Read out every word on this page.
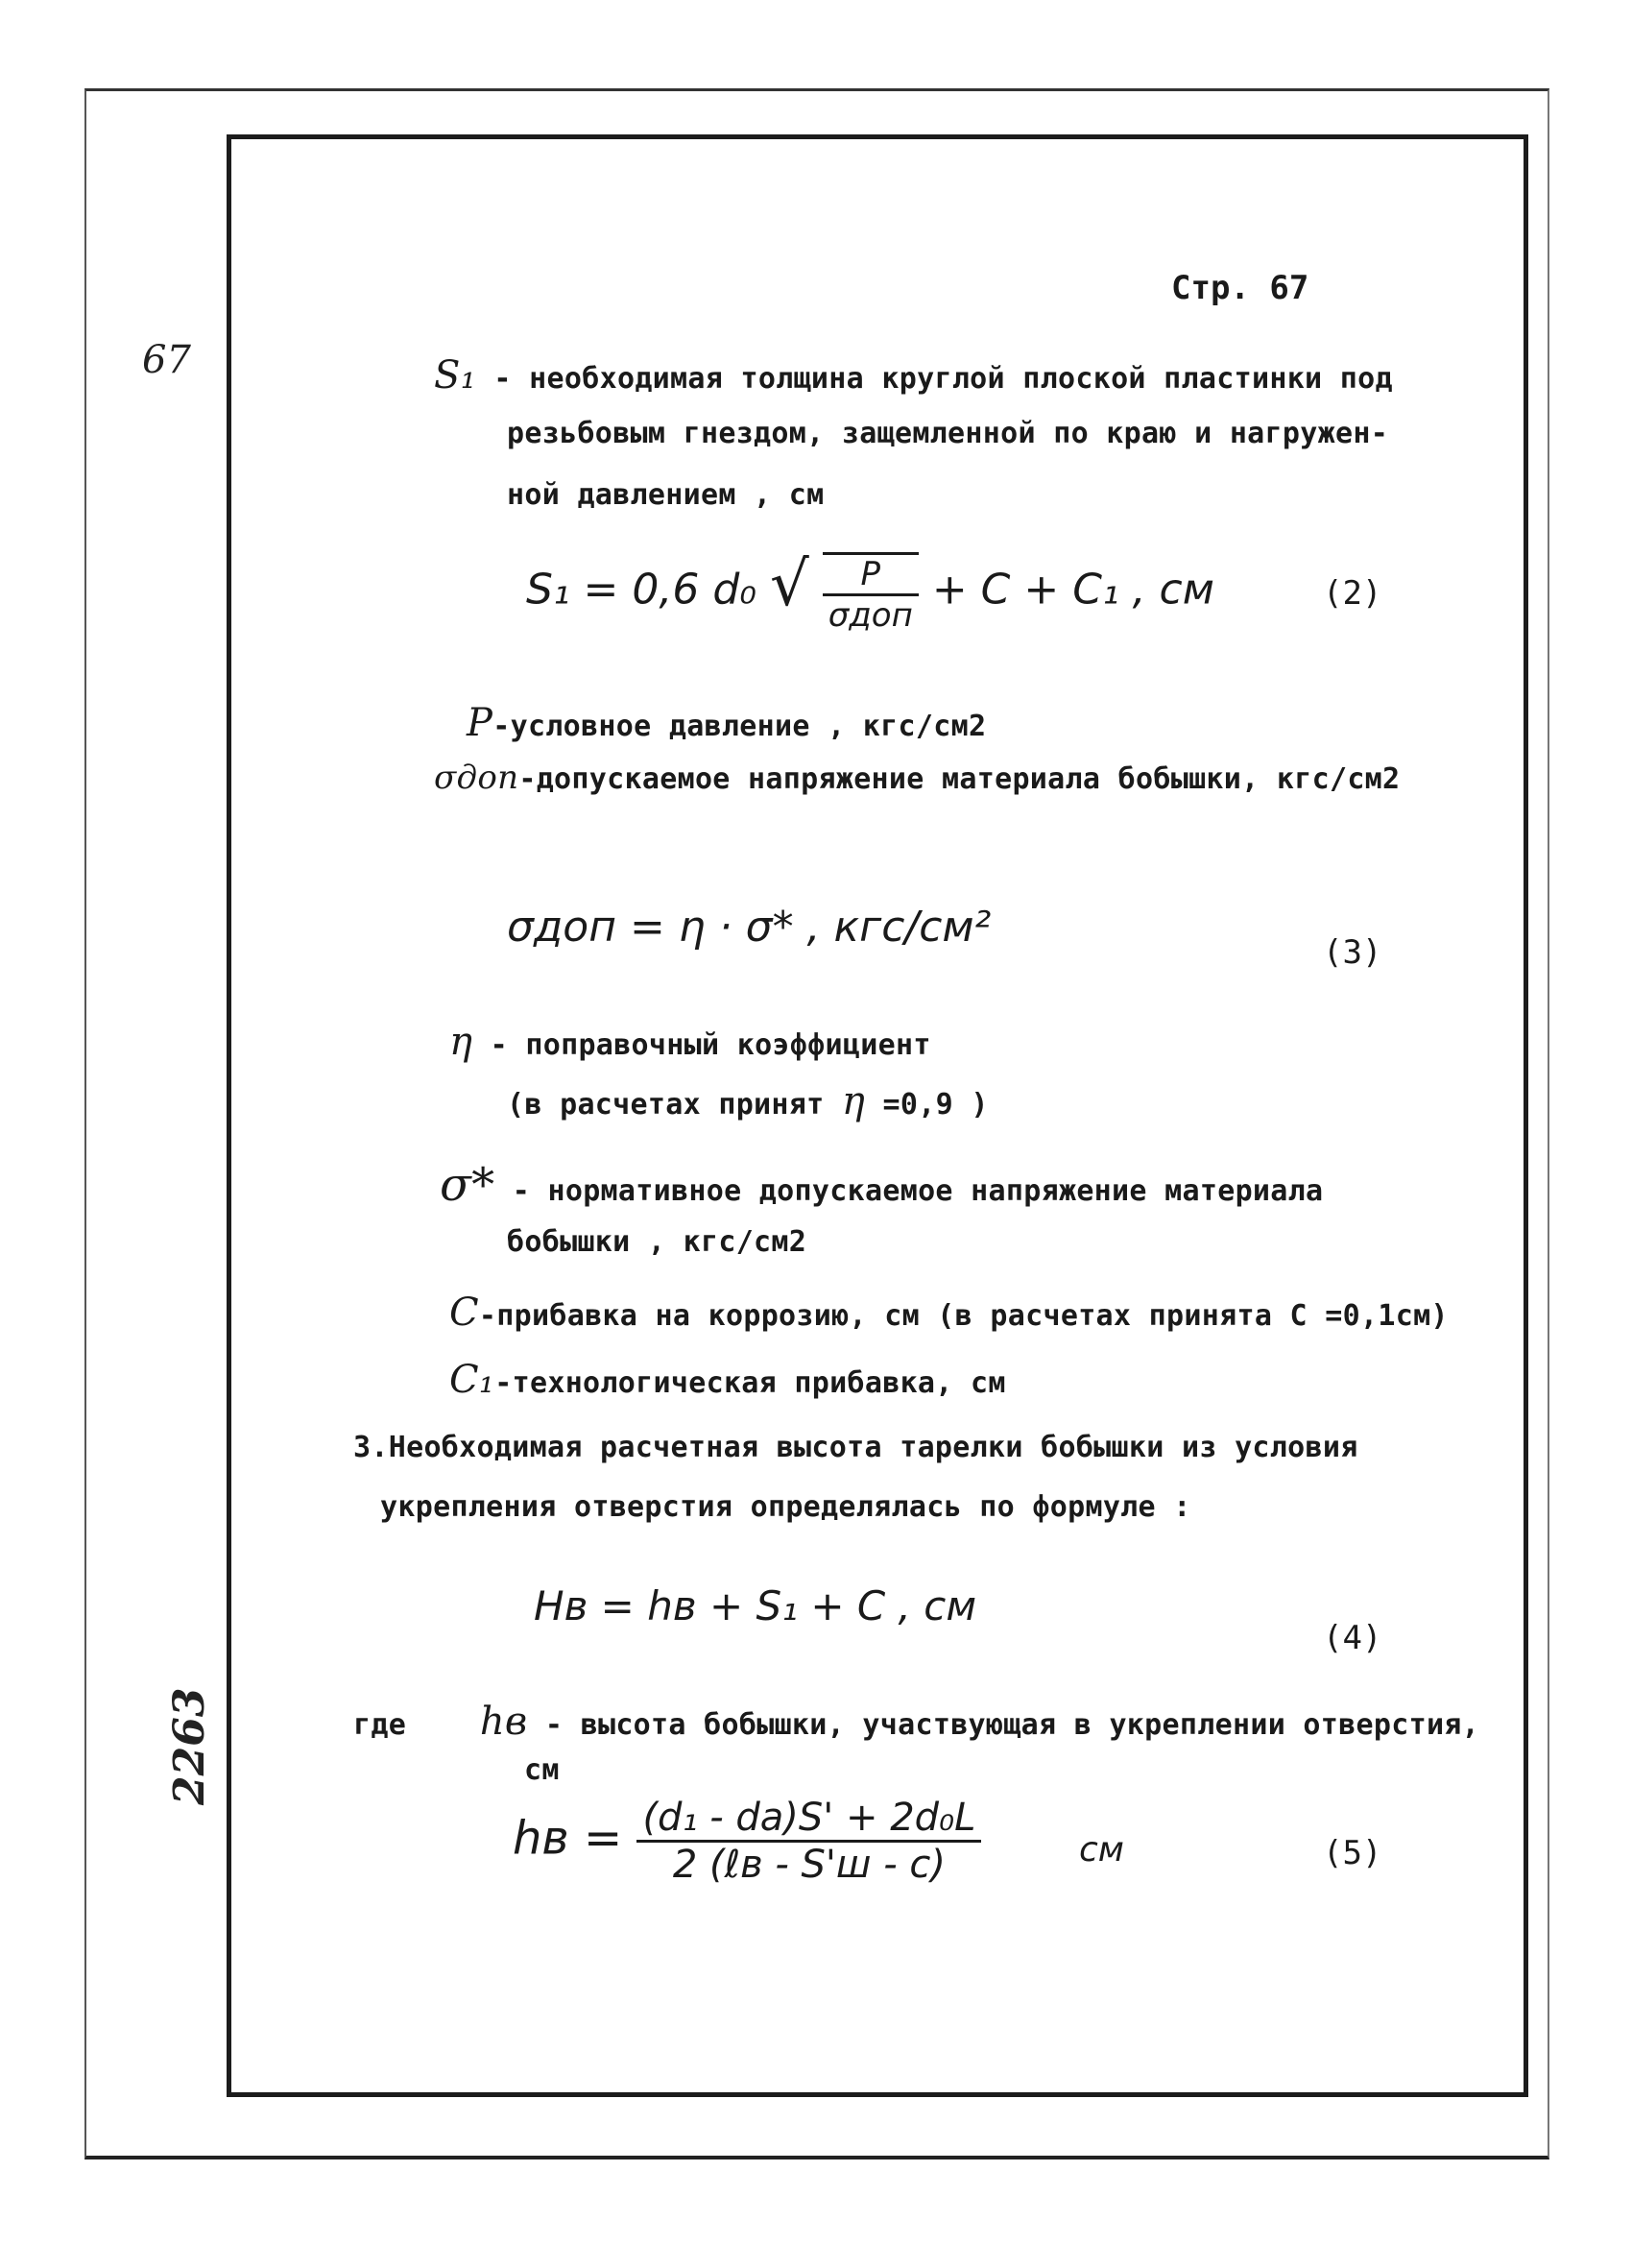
67
2263
Стр. 67
S₁ - необходимая толщина круглой плоской пластинки под
резьбовым гнездом, защемленной по краю и нагружен-
ной давлением , см
S₁ = 0,6 d₀ √ $\frac{P}{\text{σдоп}} + C + C_1$ , см	(2)
P-условное давление , кгс/см2
σдоп-допускаемое напряжение материала бобышки, кгс/см2
σдоп = η · σ* , кгс/см²
(3)
η - поправочный коэффициент
(в расчетах принят η =0,9 )
σ* - нормативное допускаемое напряжение материала
бобышки , кгс/см2
C-прибавка на коррозию, см (в расчетах принята C =0,1см)
C₁-технологическая прибавка, см
3.Необходимая расчетная высота тарелки бобышки из условия
укрепления отверстия определялась по формуле :
Hв = hв + S₁ + C , см
(4)
где hв - высота бобышки, участвующая в укреплении отверстия,
см
hв = $\frac{\text{(d₁ - dа)S' + 2d₀L}}{\text{2 (ℓв - S'ш - c)}}$	см	(5)
